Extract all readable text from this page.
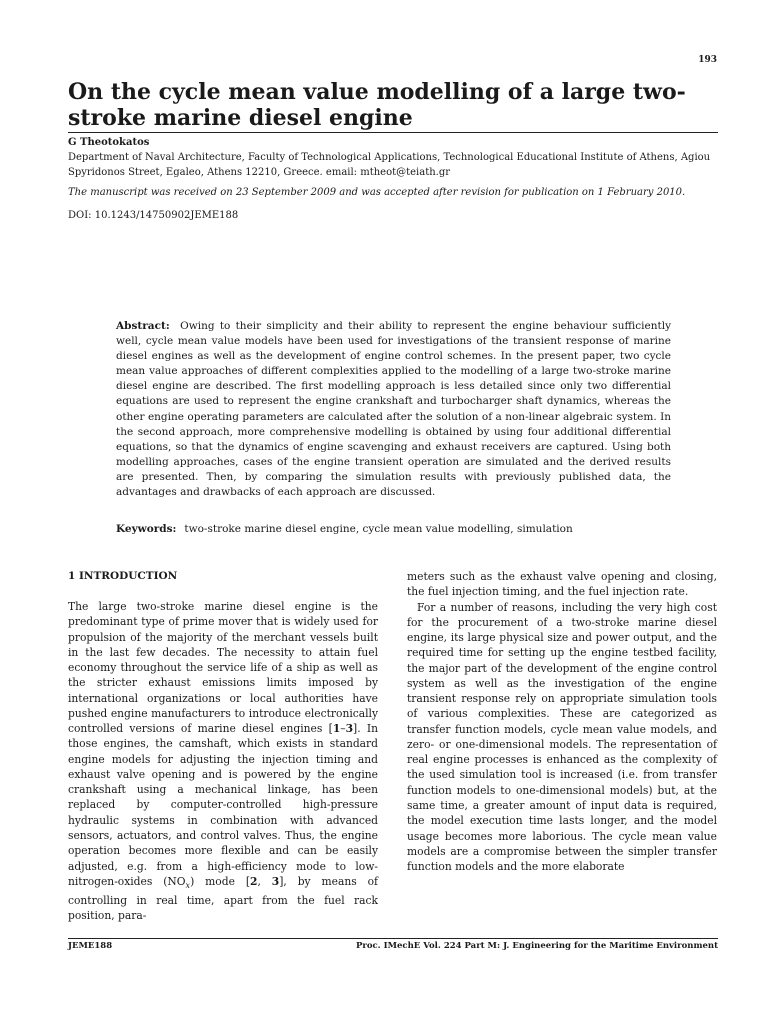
193
On the cycle mean value modelling of a large two-stroke marine diesel engine
G Theotokatos
Department of Naval Architecture, Faculty of Technological Applications, Technological Educational Institute of Athens, Agiou Spyridonos Street, Egaleo, Athens 12210, Greece. email: mtheot@teiath.gr
The manuscript was received on 23 September 2009 and was accepted after revision for publication on 1 February 2010.
DOI: 10.1243/14750902JEME188

Abstract: Owing to their simplicity and their ability to represent the engine behaviour sufficiently well, cycle mean value models have been used for investigations of the transient response of marine diesel engines as well as the development of engine control schemes. In the present paper, two cycle mean value approaches of different complexities applied to the modelling of a large two-stroke marine diesel engine are described. The first modelling approach is less detailed since only two differential equations are used to represent the engine crankshaft and turbocharger shaft dynamics, whereas the other engine operating parameters are calculated after the solution of a non-linear algebraic system. In the second approach, more comprehensive modelling is obtained by using four additional differential equations, so that the dynamics of engine scavenging and exhaust receivers are captured. Using both modelling approaches, cases of the engine transient operation are simulated and the derived results are presented. Then, by comparing the simulation results with previously published data, the advantages and drawbacks of each approach are discussed.

Keywords: two-stroke marine diesel engine, cycle mean value modelling, simulation
1 INTRODUCTION

The large two-stroke marine diesel engine is the predominant type of prime mover that is widely used for propulsion of the majority of the merchant vessels built in the last few decades. The necessity to attain fuel economy throughout the service life of a ship as well as the stricter exhaust emissions limits imposed by international organizations or local authorities have pushed engine manufacturers to introduce electronically controlled versions of marine diesel engines [1–3]. In those engines, the camshaft, which exists in standard engine models for adjusting the injection timing and exhaust valve opening and is powered by the engine crankshaft using a mechanical linkage, has been replaced by computer-controlled high-pressure hydraulic systems in combination with advanced sensors, actuators, and control valves. Thus, the engine operation becomes more flexible and can be easily adjusted, e.g. from a high-efficiency mode to low-nitrogen-oxides $(NO_x)$ mode [2, 3], by means of controlling in real time, apart from the fuel rack position, para-

meters such as the exhaust valve opening and closing, the fuel injection timing, and the fuel injection rate.

For a number of reasons, including the very high cost for the procurement of a two-stroke marine diesel engine, its large physical size and power output, and the required time for setting up the engine testbed facility, the major part of the development of the engine control system as well as the investigation of the engine transient response rely on appropriate simulation tools of various complexities. These are categorized as transfer function models, cycle mean value models, and zero- or one-dimensional models. The representation of real engine processes is enhanced as the complexity of the used simulation tool is increased (i.e. from transfer function models to one-dimensional models) but, at the same time, a greater amount of input data is required, the model execution time lasts longer, and the model usage becomes more laborious. The cycle mean value models are a compromise between the simpler transfer function models and the more elaborate

JEME188	Proc. IMechE Vol. 224 Part M: J. Engineering for the Maritime Environment
